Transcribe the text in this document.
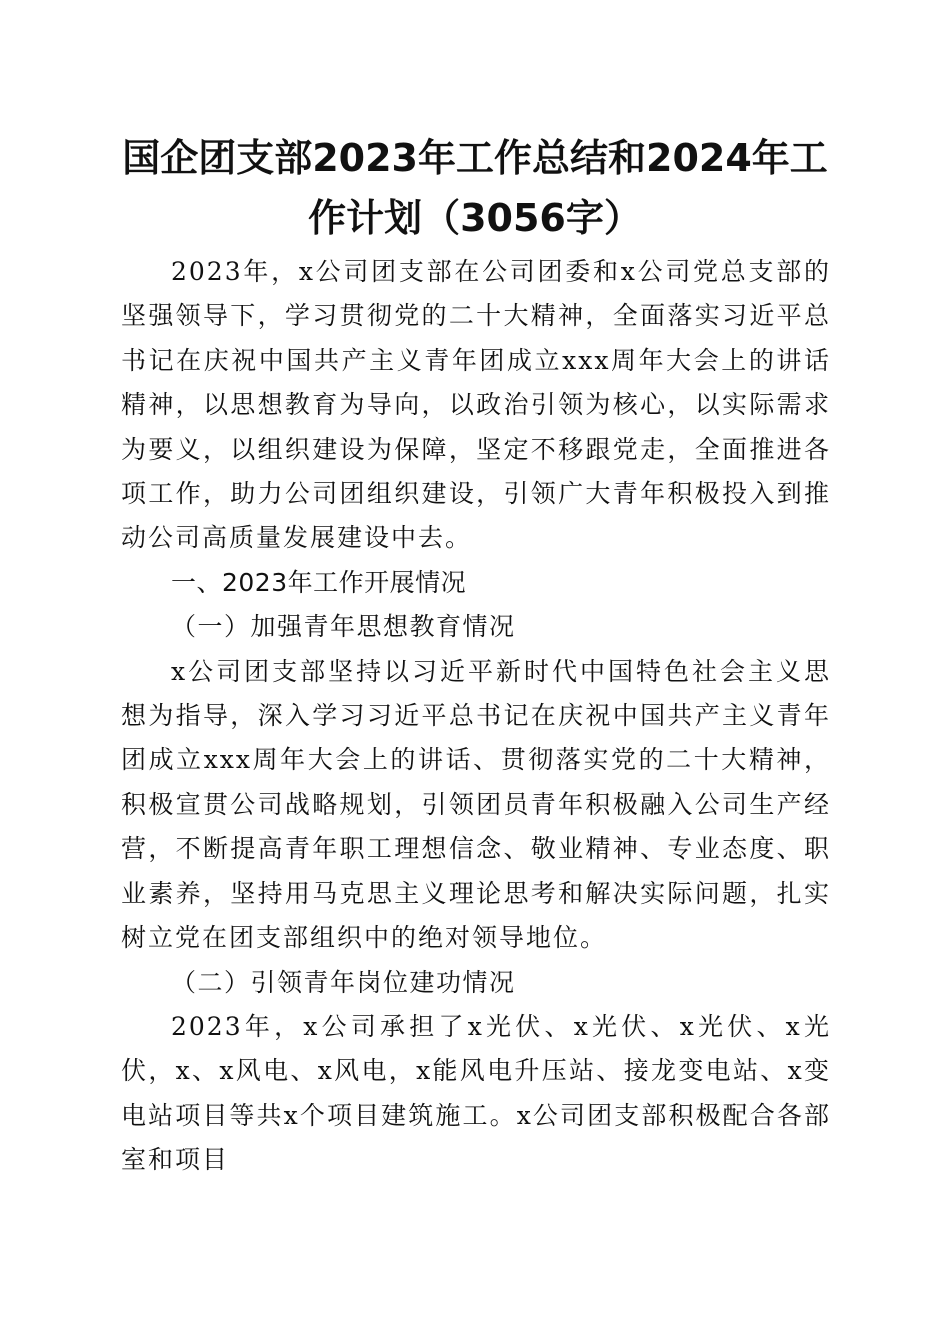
国企团支部2023年工作总结和2024年工作计划（3056字）

2023年，x公司团支部在公司团委和x公司党总支部的坚强领导下，学习贯彻党的二十大精神，全面落实习近平总书记在庆祝中国共产主义青年团成立xxx周年大会上的讲话精神，以思想教育为导向，以政治引领为核心，以实际需求为要义，以组织建设为保障，坚定不移跟党走，全面推进各项工作，助力公司团组织建设，引领广大青年积极投入到推动公司高质量发展建设中去。

一、2023年工作开展情况

（一）加强青年思想教育情况

x公司团支部坚持以习近平新时代中国特色社会主义思想为指导，深入学习习近平总书记在庆祝中国共产主义青年团成立xxx周年大会上的讲话、贯彻落实党的二十大精神，积极宣贯公司战略规划，引领团员青年积极融入公司生产经营，不断提高青年职工理想信念、敬业精神、专业态度、职业素养，坚持用马克思主义理论思考和解决实际问题，扎实树立党在团支部组织中的绝对领导地位。

（二）引领青年岗位建功情况

2023年，x公司承担了x光伏、x光伏、x光伏、x光伏，x、x风电、x风电，x能风电升压站、接龙变电站、x变电站项目等共x个项目建筑施工。x公司团支部积极配合各部室和项目
